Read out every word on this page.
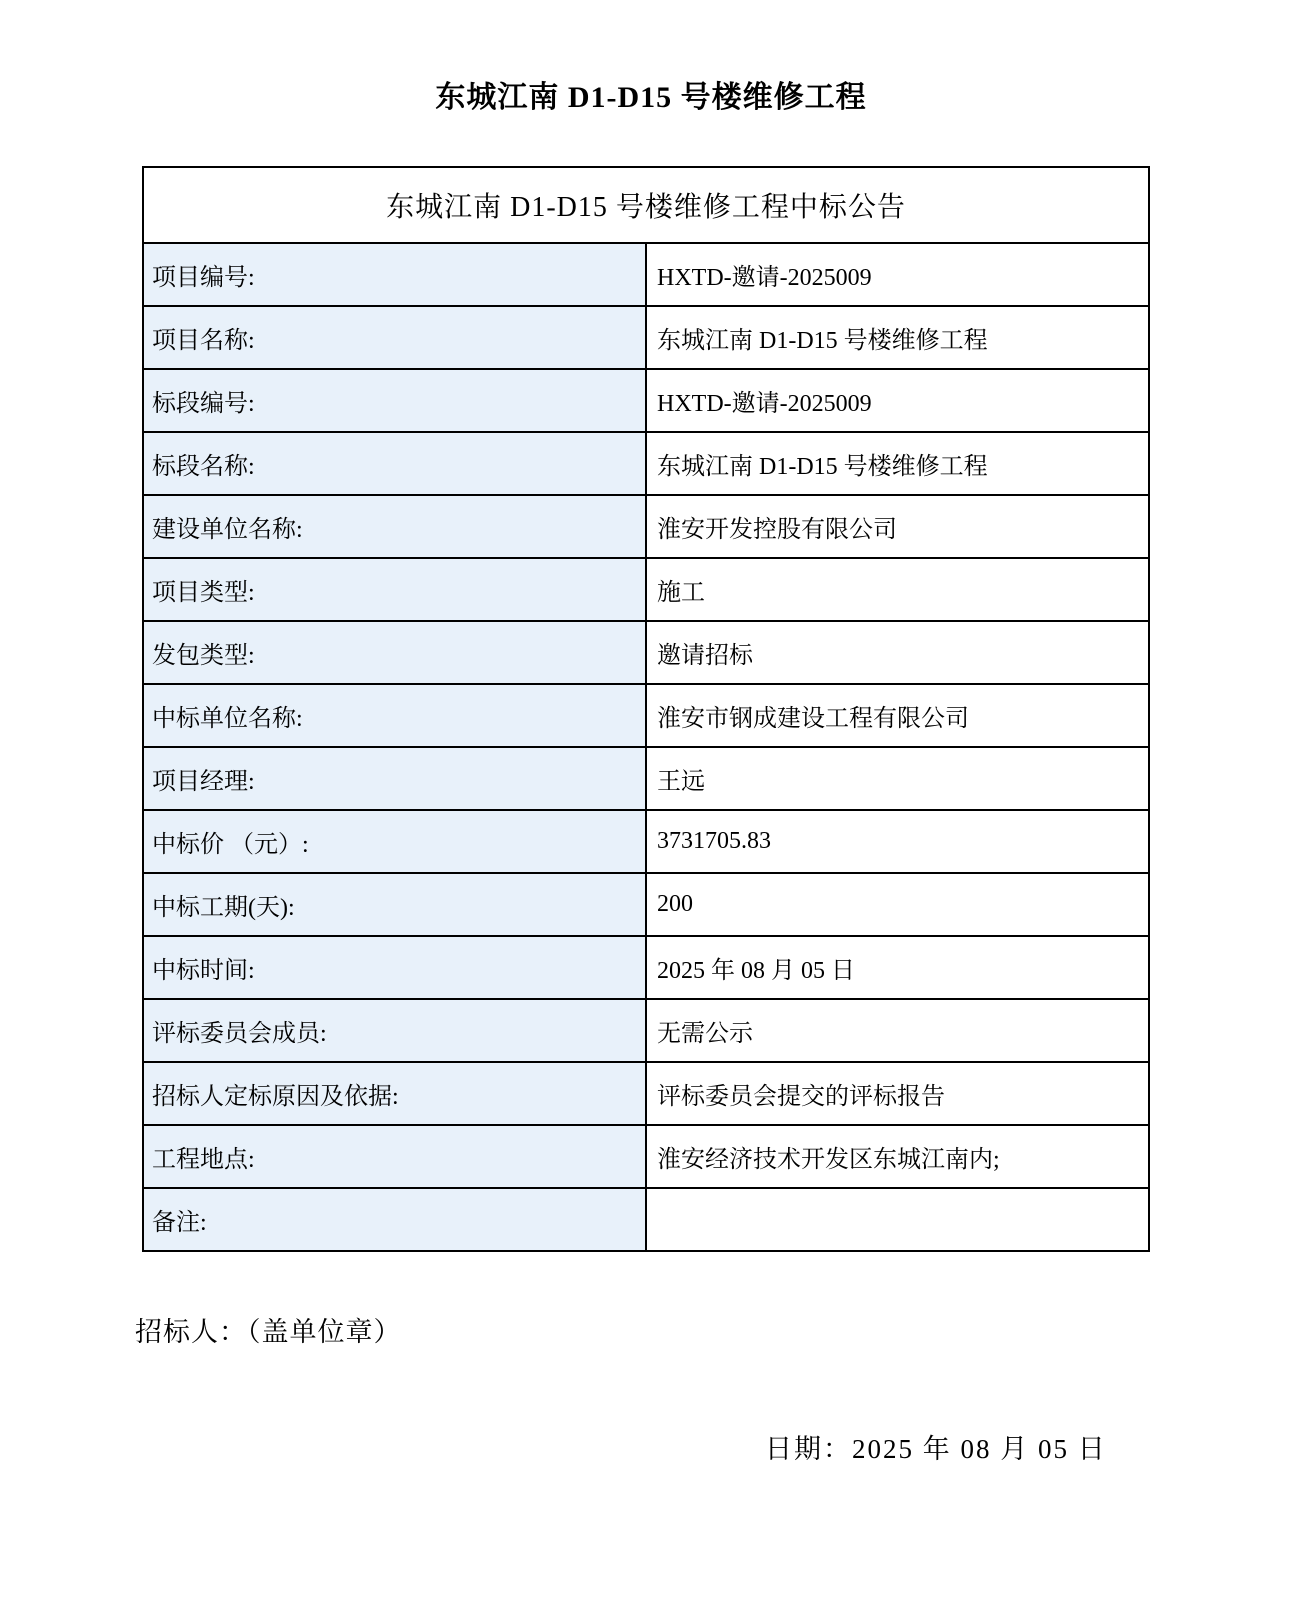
东城江南 D1-D15 号楼维修工程
东城江南 D1-D15 号楼维修工程中标公告	
项目编号:	HXTD-邀请-2025009
项目名称:	东城江南 D1-D15 号楼维修工程
标段编号:	HXTD-邀请-2025009
标段名称:	东城江南 D1-D15 号楼维修工程
建设单位名称:	淮安开发控股有限公司
项目类型:	施工
发包类型:	邀请招标
中标单位名称:	淮安市钢成建设工程有限公司
项目经理:	王远
中标价 （元）:	3731705.83
中标工期(天):	200
中标时间:	2025 年 08 月 05 日
评标委员会成员:	无需公示
招标人定标原因及依据:	评标委员会提交的评标报告
工程地点:	淮安经济技术开发区东城江南内;
备注:	
招标人：（盖单位章）
日期：2025 年 08 月 05 日
